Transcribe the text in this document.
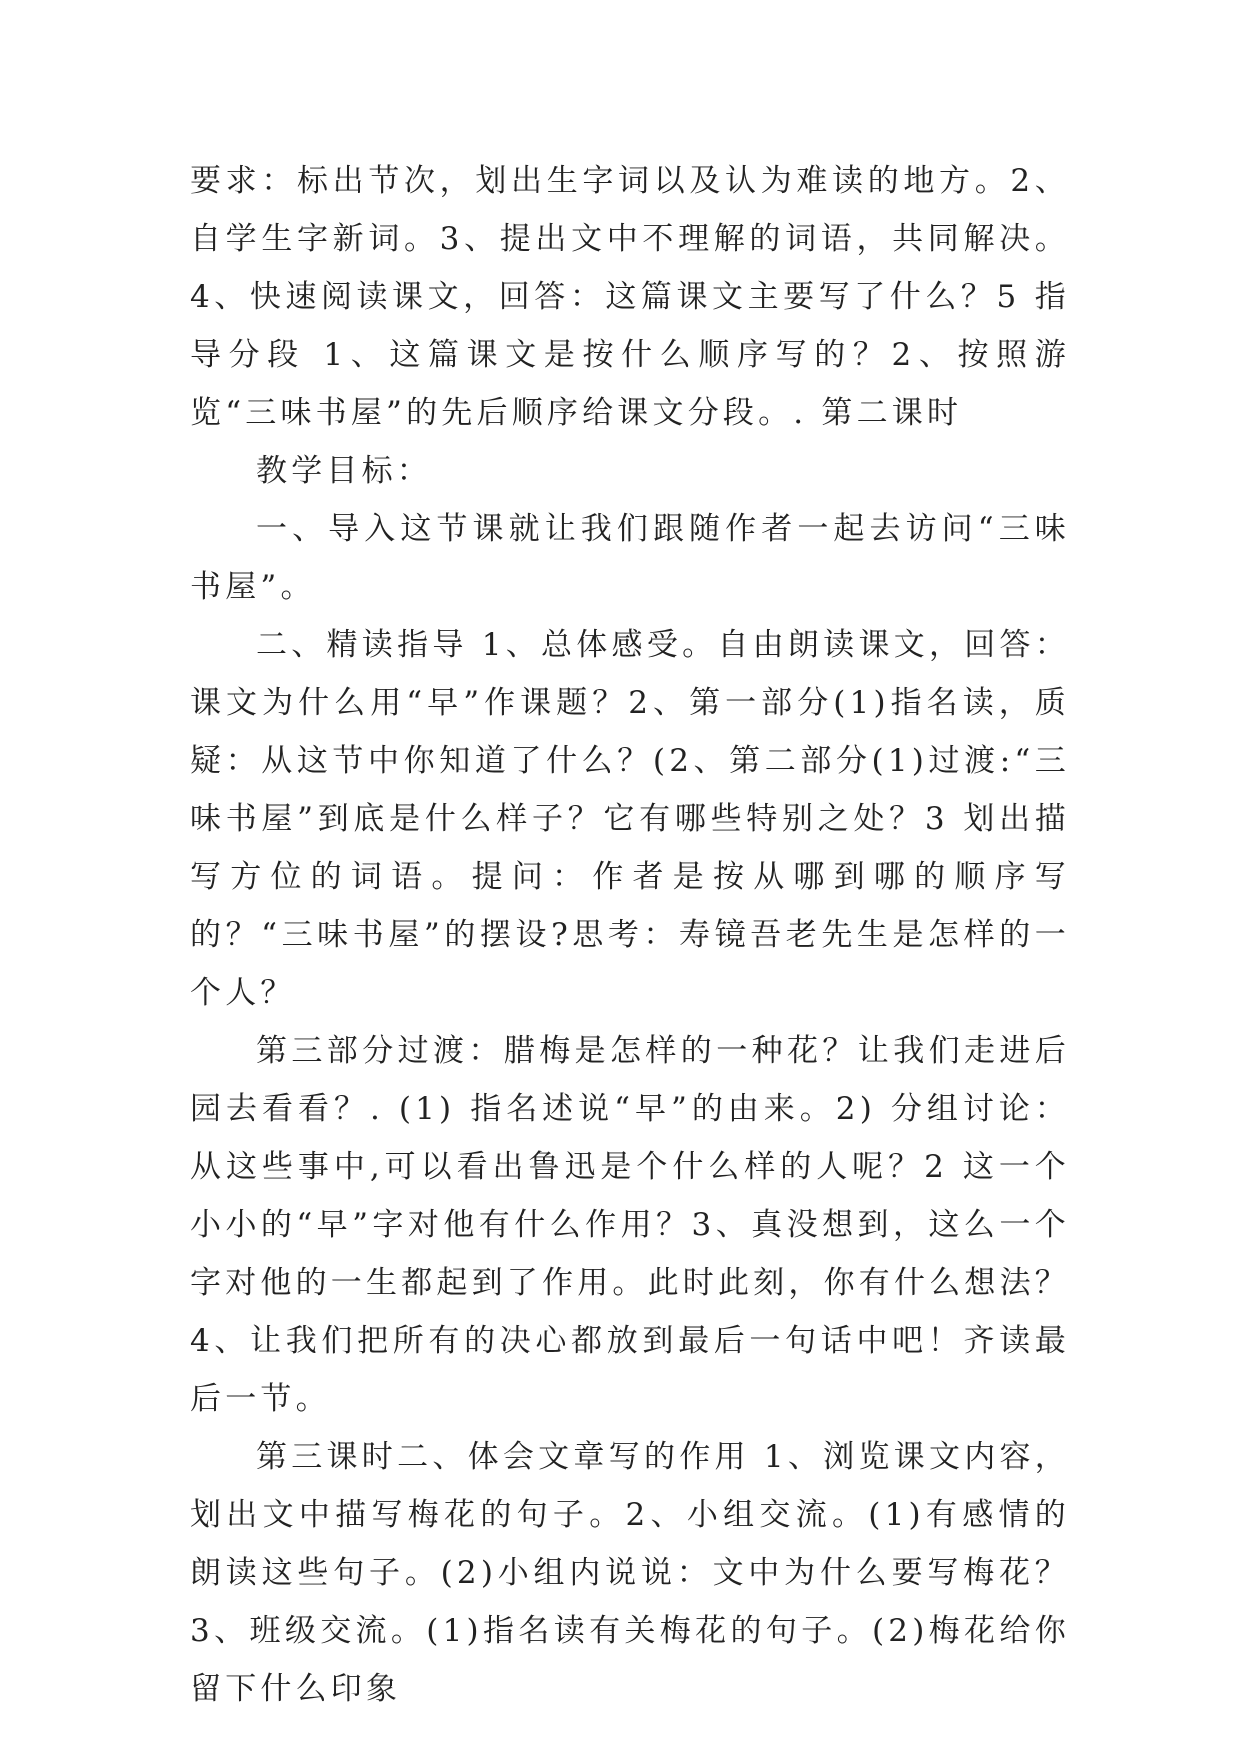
要求：标出节次，划出生字词以及认为难读的地方。2、自学生字新词。3、提出文中不理解的词语，共同解决。4、快速阅读课文，回答：这篇课文主要写了什么？5 指导分段 1、这篇课文是按什么顺序写的？2、按照游览“三味书屋”的先后顺序给课文分段。. 第二课时

教学目标：

一、导入这节课就让我们跟随作者一起去访问“三味书屋”。

二、精读指导 1、总体感受。自由朗读课文，回答：课文为什么用“早”作课题？2、第一部分(1)指名读，质疑：从这节中你知道了什么？(2、第二部分(1)过渡:“三味书屋”到底是什么样子？它有哪些特别之处？3 划出描写方位的词语。提问：作者是按从哪到哪的顺序写的？“三味书屋”的摆设?思考：寿镜吾老先生是怎样的一个人？

第三部分过渡：腊梅是怎样的一种花？让我们走进后园去看看？. (1) 指名述说“早”的由来。2) 分组讨论：从这些事中,可以看出鲁迅是个什么样的人呢？2 这一个小小的“早”字对他有什么作用？3、真没想到，这么一个字对他的一生都起到了作用。此时此刻，你有什么想法？4、让我们把所有的决心都放到最后一句话中吧！齐读最后一节。

第三课时二、体会文章写的作用 1、浏览课文内容，划出文中描写梅花的句子。2、小组交流。(1)有感情的朗读这些句子。(2)小组内说说：文中为什么要写梅花？3、班级交流。(1)指名读有关梅花的句子。(2)梅花给你留下什么印象
